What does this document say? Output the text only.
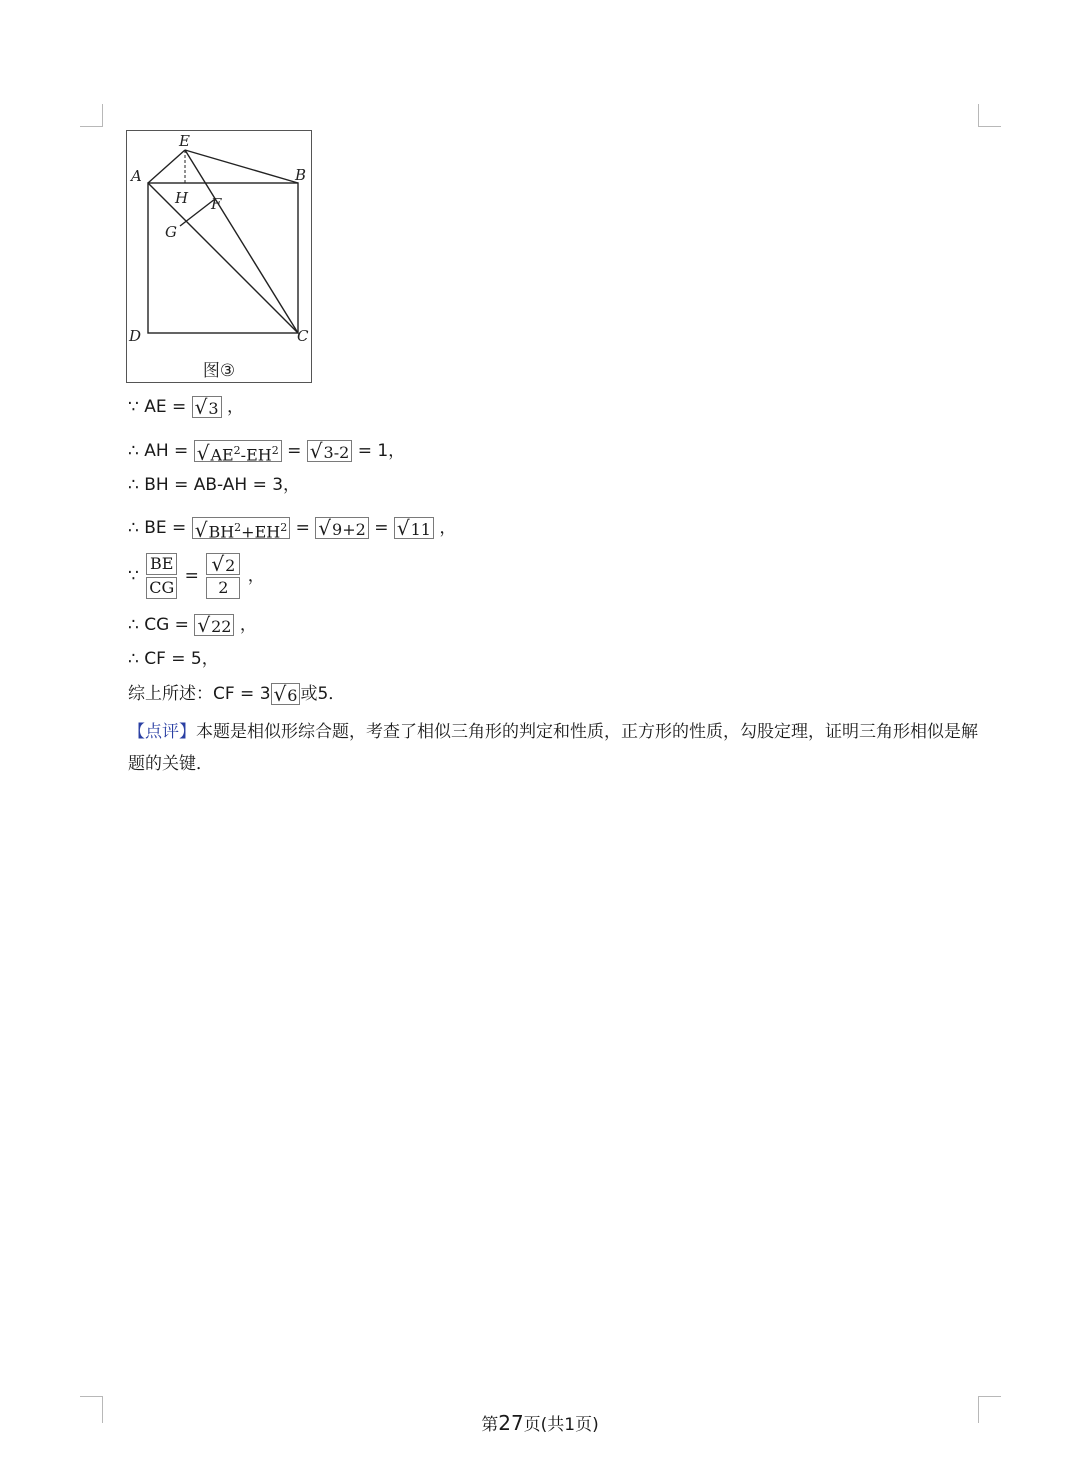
E
A	B
H F
G
D	C
图③
∵ AE = √3 ，
∴ AH = $√AE^2-EH^2 = √3-2 = 1$，
∴ BH = AB-AH = 3，
∴ BE = $√BH^2+EH^2 = √9+2 = √11$ ，
∵ $\frac{BE}{CG} = \frac{√2}{2}$ ，
∴ CG = √22 ，
∴ CF = 5，
综上所述：CF = 3 √6 或5．
【点评】本题是相似形综合题，考查了相似三角形的判定和性质，正方形的性质，勾股定理，证明三角形相似是解题的关键．
第27页(共1页)
